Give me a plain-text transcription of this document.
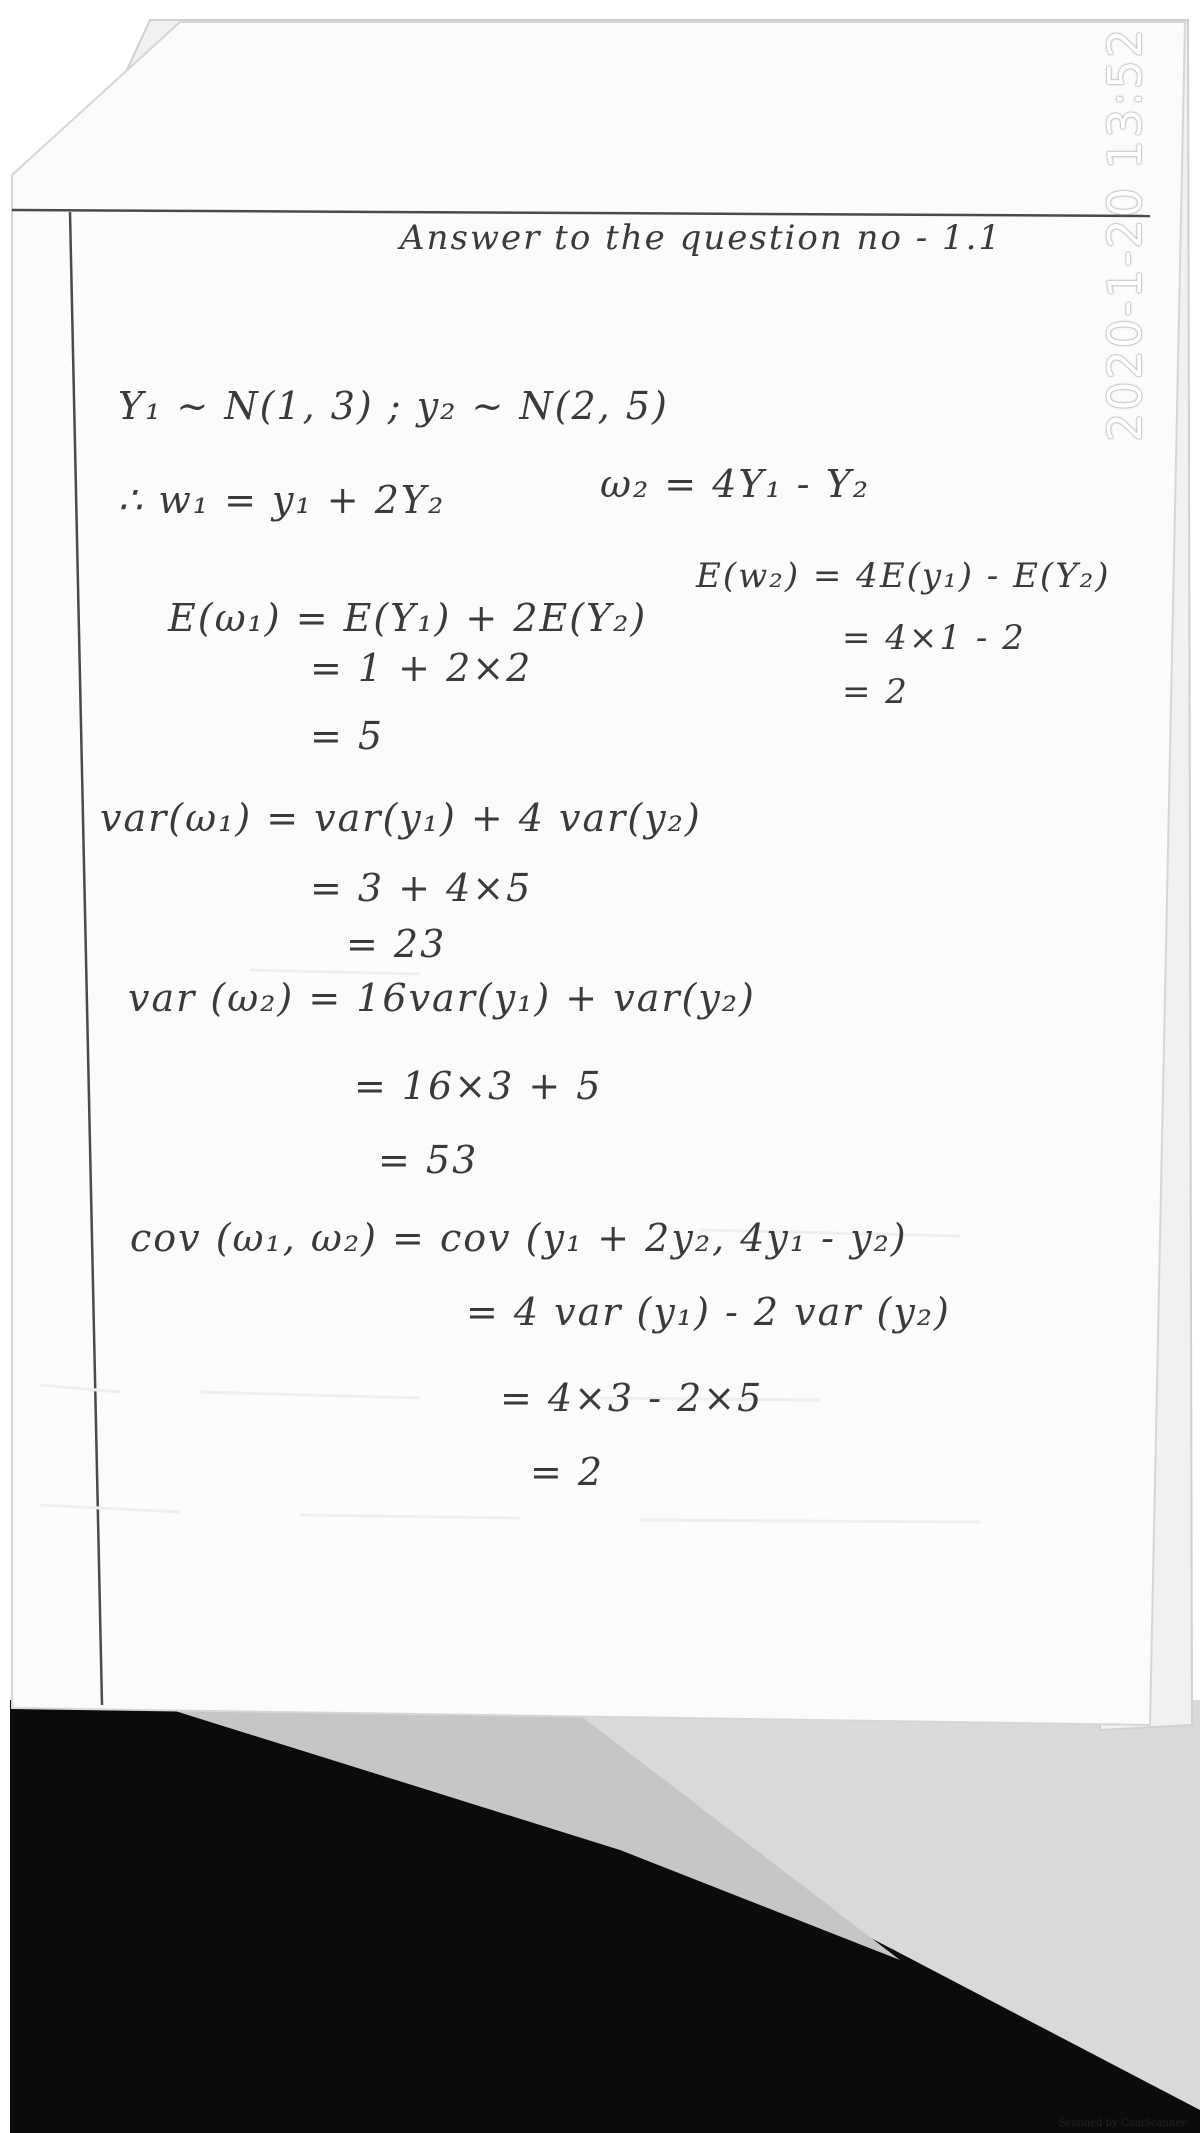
Answer to the question no - 1.1
Y₁ ~ N(1, 3) ; y₂ ~ N(2, 5)
∴ w₁ = y₁ + 2Y₂	ω₂ = 4Y₁ - Y₂
E(ω₁) = E(Y₁) + 2E(Y₂)
= 1 + 2×2
= 5
E(w₂) = 4E(y₁) - E(Y₂)
= 4×1 - 2
= 2
var(ω₁) = var(y₁) + 4 var(y₂)
= 3 + 4×5
= 23
var (ω₂) = 16var(y₁) + var(y₂)
= 16×3 + 5
= 53
cov (ω₁, ω₂) = cov (y₁ + 2y₂, 4y₁ - y₂)
= 4 var (y₁) - 2 var (y₂)
= 4×3 - 2×5
= 2
2020-1-20 13:52
Scanned by CamScanner
